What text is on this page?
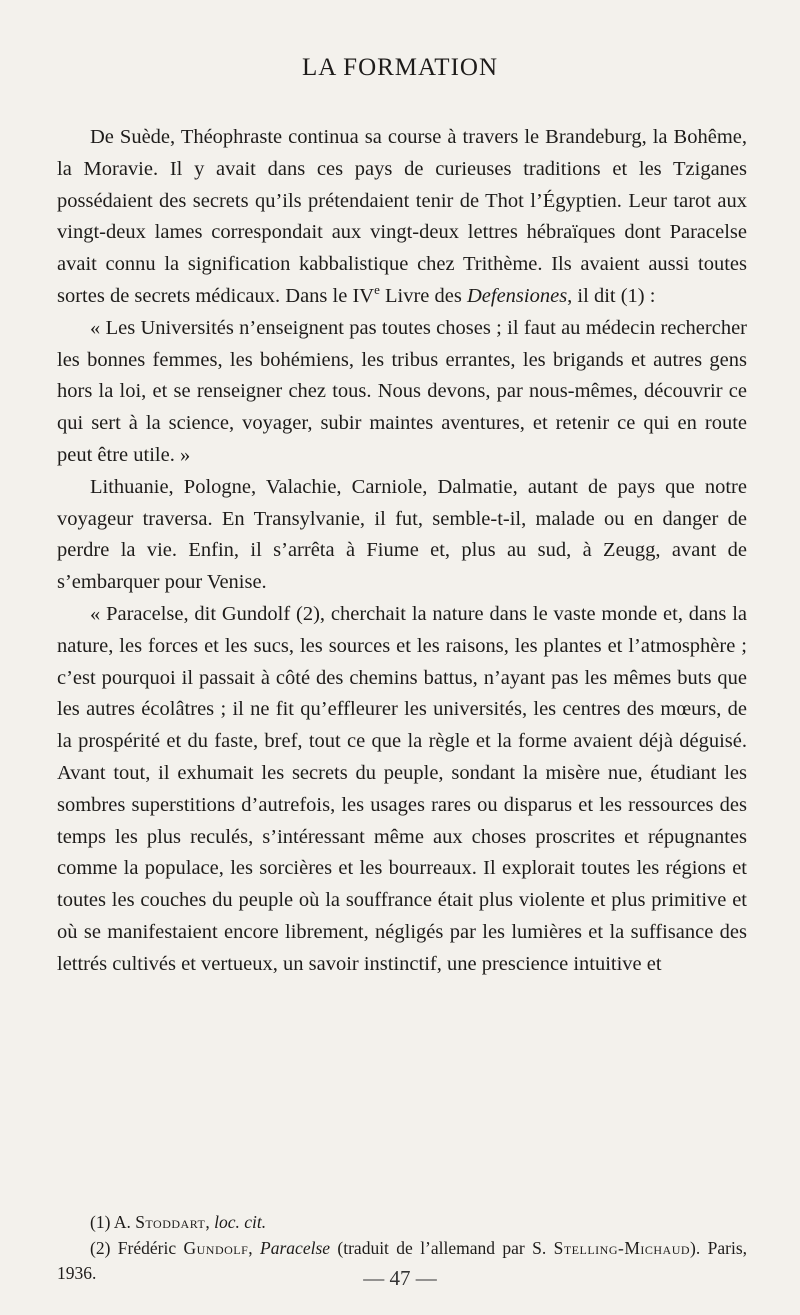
LA FORMATION

De Suède, Théophraste continua sa course à travers le Brandeburg, la Bohême, la Moravie. Il y avait dans ces pays de curieuses traditions et les Tziganes possédaient des secrets qu’ils prétendaient tenir de Thot l’Égyptien. Leur tarot aux vingt-deux lames correspondait aux vingt-deux lettres hébraïques dont Paracelse avait connu la signification kabbalistique chez Trithème. Ils avaient aussi toutes sortes de secrets médicaux. Dans le IVe Livre des Defensiones, il dit (1) :

« Les Universités n’enseignent pas toutes choses ; il faut au médecin rechercher les bonnes femmes, les bohémiens, les tribus errantes, les brigands et autres gens hors la loi, et se renseigner chez tous. Nous devons, par nous-mêmes, découvrir ce qui sert à la science, voyager, subir maintes aventures, et retenir ce qui en route peut être utile. »

Lithuanie, Pologne, Valachie, Carniole, Dalmatie, autant de pays que notre voyageur traversa. En Transylvanie, il fut, semble-t-il, malade ou en danger de perdre la vie. Enfin, il s’arrêta à Fiume et, plus au sud, à Zeugg, avant de s’embarquer pour Venise.

« Paracelse, dit Gundolf (2), cherchait la nature dans le vaste monde et, dans la nature, les forces et les sucs, les sources et les raisons, les plantes et l’atmosphère ; c’est pourquoi il passait à côté des chemins battus, n’ayant pas les mêmes buts que les autres écolâtres ; il ne fit qu’effleurer les universités, les centres des mœurs, de la prospérité et du faste, bref, tout ce que la règle et la forme avaient déjà déguisé. Avant tout, il exhumait les secrets du peuple, sondant la misère nue, étudiant les sombres superstitions d’autrefois, les usages rares ou disparus et les ressources des temps les plus reculés, s’intéressant même aux choses proscrites et répugnantes comme la populace, les sorcières et les bourreaux. Il explorait toutes les régions et toutes les couches du peuple où la souffrance était plus violente et plus primitive et où se manifestaient encore librement, négligés par les lumières et la suffisance des lettrés cultivés et vertueux, un savoir instinctif, une prescience intuitive et

(1) A. Stoddart, loc. cit.

(2) Frédéric Gundolf, Paracelse (traduit de l’allemand par S. Stelling-Michaud). Paris, 1936.	— 47 —
